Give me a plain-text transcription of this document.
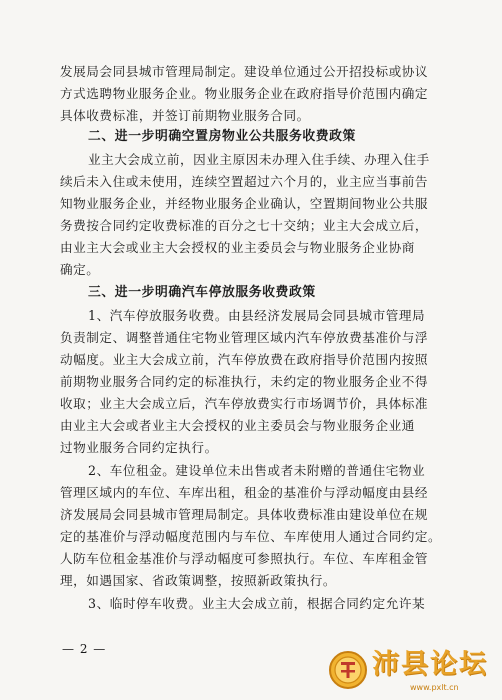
发展局会同县城市管理局制定。建设单位通过公开招投标或协议
方式选聘物业服务企业。物业服务企业在政府指导价范围内确定
具体收费标准，并签订前期物业服务合同。
二、进一步明确空置房物业公共服务收费政策
业主大会成立前，因业主原因未办理入住手续、办理入住手
续后未入住或未使用，连续空置超过六个月的，业主应当事前告
知物业服务企业，并经物业服务企业确认，空置期间物业公共服
务费按合同约定收费标准的百分之七十交纳；业主大会成立后，
由业主大会或业主大会授权的业主委员会与物业服务企业协商
确定。
三、进一步明确汽车停放服务收费政策
1、汽车停放服务收费。由县经济发展局会同县城市管理局
负责制定、调整普通住宅物业管理区域内汽车停放费基准价与浮
动幅度。业主大会成立前，汽车停放费在政府指导价范围内按照
前期物业服务合同约定的标准执行，未约定的物业服务企业不得
收取；业主大会成立后，汽车停放费实行市场调节价，具体标准
由业主大会或者业主大会授权的业主委员会与物业服务企业通
过物业服务合同约定执行。
2、车位租金。建设单位未出售或者未附赠的普通住宅物业
管理区域内的车位、车库出租，租金的基准价与浮动幅度由县经
济发展局会同县城市管理局制定。具体收费标准由建设单位在规
定的基准价与浮动幅度范围内与车位、车库使用人通过合同约定。
人防车位租金基准价与浮动幅度可参照执行。车位、车库租金管
理，如遇国家、省政策调整，按照新政策执行。
3、临时停车收费。业主大会成立前，根据合同约定允许某
— 2 —	沛县论坛
www.pxlt.cn
